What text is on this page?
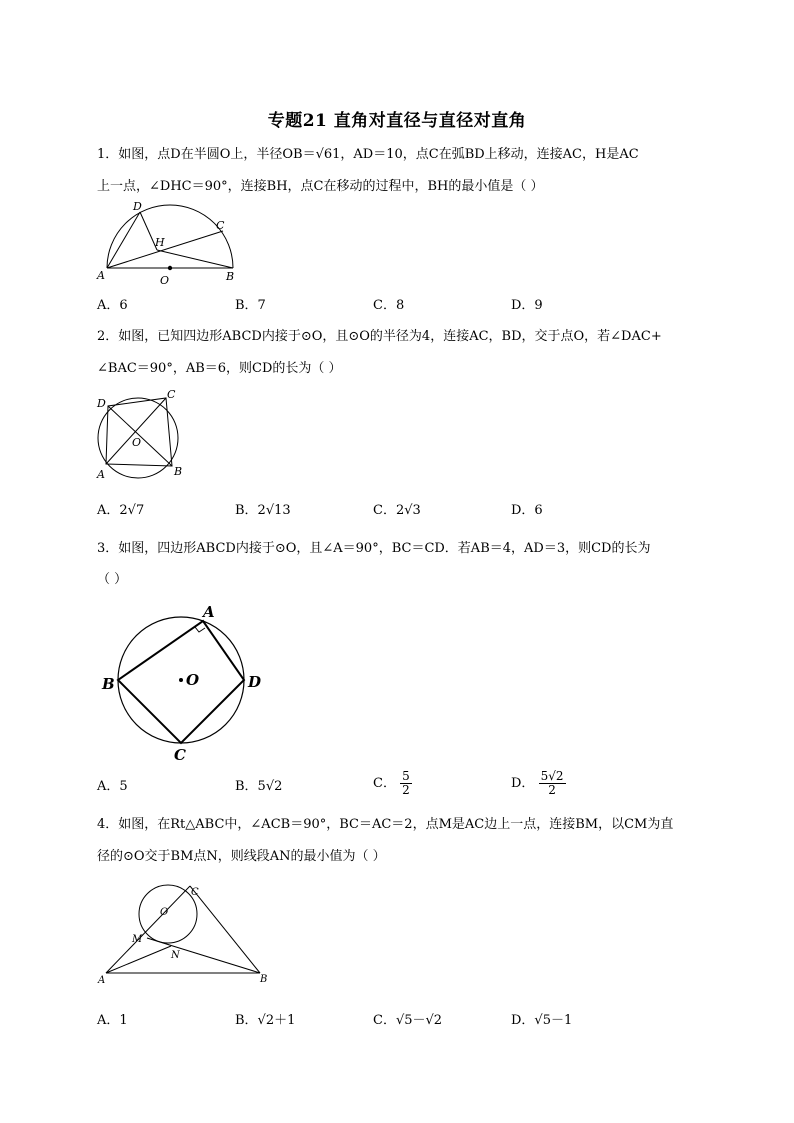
专题21 直角对直径与直径对直角
1．如图，点D在半圆O上，半径OB＝√61，AD＝10，点C在弧BD上移动，连接AC，H是AC
上一点，∠DHC＝90°，连接BH，点C在移动的过程中，BH的最小值是（ ）
D
C
H
A	B
O
A．6	B．7	C．8	D．9
2．如图，已知四边形ABCD内接于⊙O，且⊙O的半径为4，连接AC，BD，交于点O，若∠DAC+
∠BAC＝90°，AB＝6，则CD的长为（ ）
D
C
O
A	B
A．2√7	B．2√13	C．2√3	D．6
3．如图，四边形ABCD内接于⊙O，且∠A＝90°，BC＝CD．若AB＝4，AD＝3，则CD的长为
（ ）
A
B	O	D
C
A．5	B．5√2	C． $\frac{5}{2}$	D． $\frac{5√2}{2}$
4．如图，在Rt△ABC中，∠ACB＝90°，BC＝AC＝2，点M是AC边上一点，连接BM，以CM为直
径的⊙O交于BM点N，则线段AN的最小值为（ ）
C
O
M
N
A	B
A．1	B．√2＋1	C．√5－√2	D．√5－1
